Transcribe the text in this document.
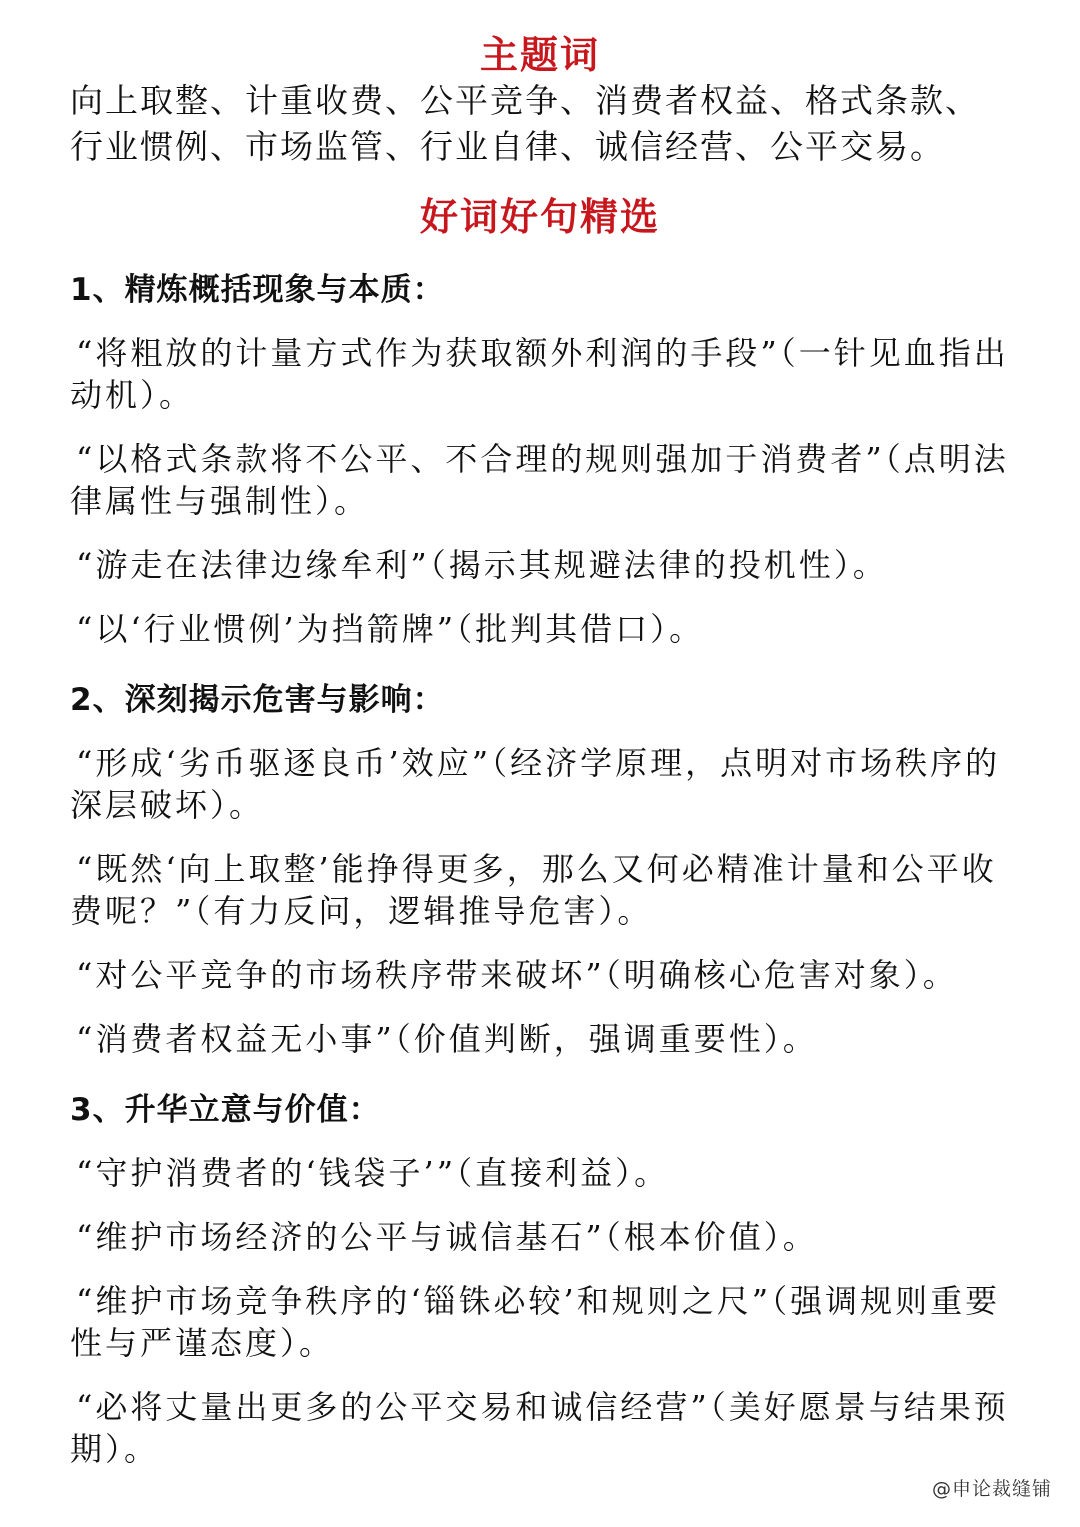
主题词

向上取整、计重收费、公平竞争、消费者权益、格式条款、

行业惯例、市场监管、行业自律、诚信经营、公平交易。

好词好句精选
1、精炼概括现象与本质：

“将粗放的计量方式作为获取额外利润的手段”（一针见血指出动机）。

“以格式条款将不公平、不合理的规则强加于消费者”（点明法律属性与强制性）。

“游走在法律边缘牟利”（揭示其规避法律的投机性）。

“以‘行业惯例’为挡箭牌”（批判其借口）。

2、深刻揭示危害与影响：

“形成‘劣币驱逐良币’效应”（经济学原理，点明对市场秩序的深层破坏）。

“既然‘向上取整’能挣得更多，那么又何必精准计量和公平收费呢？”（有力反问，逻辑推导危害）。

“对公平竞争的市场秩序带来破坏”（明确核心危害对象）。

“消费者权益无小事”（价值判断，强调重要性）。

3、升华立意与价值：

“守护消费者的‘钱袋子’”（直接利益）。

“维护市场经济的公平与诚信基石”（根本价值）。

“维护市场竞争秩序的‘锱铢必较’和规则之尺”（强调规则重要性与严谨态度）。

“必将丈量出更多的公平交易和诚信经营”（美好愿景与结果预期）。

@申论裁缝铺
